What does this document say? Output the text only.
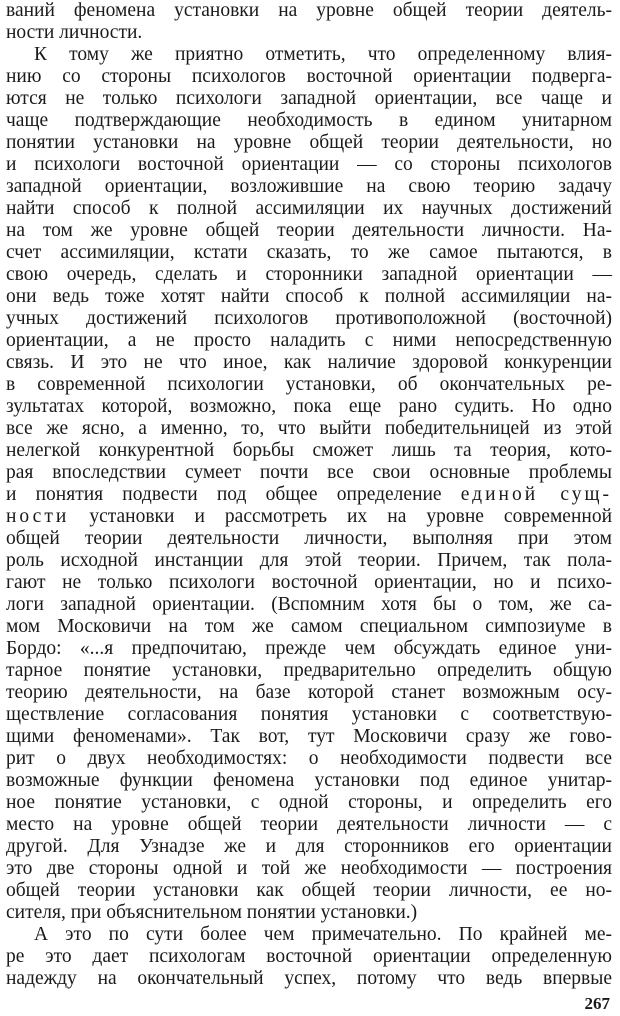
ваний феномена установки на уровне общей теории деятель-
ности личности.
К тому же приятно отметить, что определенному влия-
нию со стороны психологов восточной ориентации подверга-
ются не только психологи западной ориентации, все чаще и
чаще подтверждающие необходимость в едином унитарном
понятии установки на уровне общей теории деятельности, но
и психологи восточной ориентации — со стороны психологов
западной ориентации, возложившие на свою теорию задачу
найти способ к полной ассимиляции их научных достижений
на том же уровне общей теории деятельности личности. На-
счет ассимиляции, кстати сказать, то же самое пытаются, в
свою очередь, сделать и сторонники западной ориентации —
они ведь тоже хотят найти способ к полной ассимиляции на-
учных достижений психологов противоположной (восточной)
ориентации, а не просто наладить с ними непосредственную
связь. И это не что иное, как наличие здоровой конкуренции
в современной психологии установки, об окончательных ре-
зультатах которой, возможно, пока еще рано судить. Но одно
все же ясно, а именно, то, что выйти победительницей из этой
нелегкой конкурентной борьбы сможет лишь та теория, кото-
рая впоследствии сумеет почти все свои основные проблемы
и понятия подвести под общее определение единой сущ-
ности установки и рассмотреть их на уровне современной
общей теории деятельности личности, выполняя при этом
роль исходной инстанции для этой теории. Причем, так пола-
гают не только психологи восточной ориентации, но и психо-
логи западной ориентации. (Вспомним хотя бы о том, же са-
мом Московичи на том же самом специальном симпозиуме в
Бордо: «...я предпочитаю, прежде чем обсуждать единое уни-
тарное понятие установки, предварительно определить общую
теорию деятельности, на базе которой станет возможным осу-
ществление согласования понятия установки с соответствую-
щими феноменами». Так вот, тут Московичи сразу же гово-
рит о двух необходимостях: о необходимости подвести все
возможные функции феномена установки под единое унитар-
ное понятие установки, с одной стороны, и определить его
место на уровне общей теории деятельности личности — с
другой. Для Узнадзе же и для сторонников его ориентации
это две стороны одной и той же необходимости — построения
общей теории установки как общей теории личности, ее но-
сителя, при объяснительном понятии установки.)
А это по сути более чем примечательно. По крайней ме-
ре это дает психологам восточной ориентации определенную
надежду на окончательный успех, потому что ведь впервые
267
